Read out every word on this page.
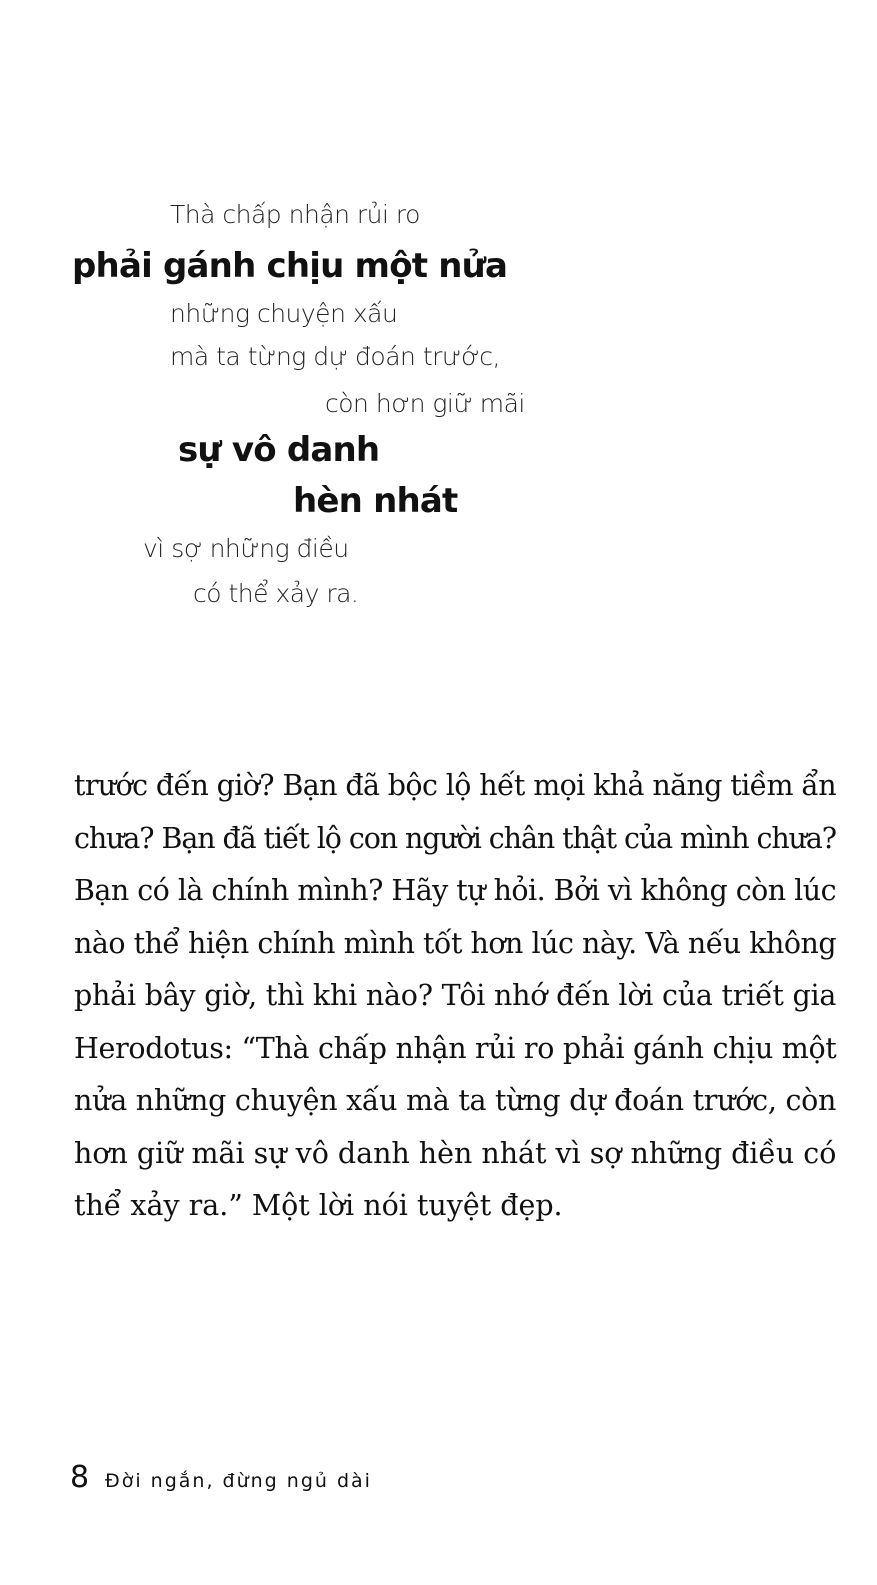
Thà chấp nhận rủi ro
phải gánh chịu một nửa
những chuyện xấu
mà ta từng dự đoán trước,
còn hơn giữ mãi
sự vô danh
hèn nhát
vì sợ những điều
có thể xảy ra.
trước đến giờ? Bạn đã bộc lộ hết mọi khả năng tiềm ẩn
chưa? Bạn đã tiết lộ con người chân thật của mình chưa?
Bạn có là chính mình? Hãy tự hỏi. Bởi vì không còn lúc
nào thể hiện chính mình tốt hơn lúc này. Và nếu không
phải bây giờ, thì khi nào? Tôi nhớ đến lời của triết gia
Herodotus: “Thà chấp nhận rủi ro phải gánh chịu một
nửa những chuyện xấu mà ta từng dự đoán trước, còn
hơn giữ mãi sự vô danh hèn nhát vì sợ những điều có
thể xảy ra.” Một lời nói tuyệt đẹp.
8 Đời ngắn, đừng ngủ dài
